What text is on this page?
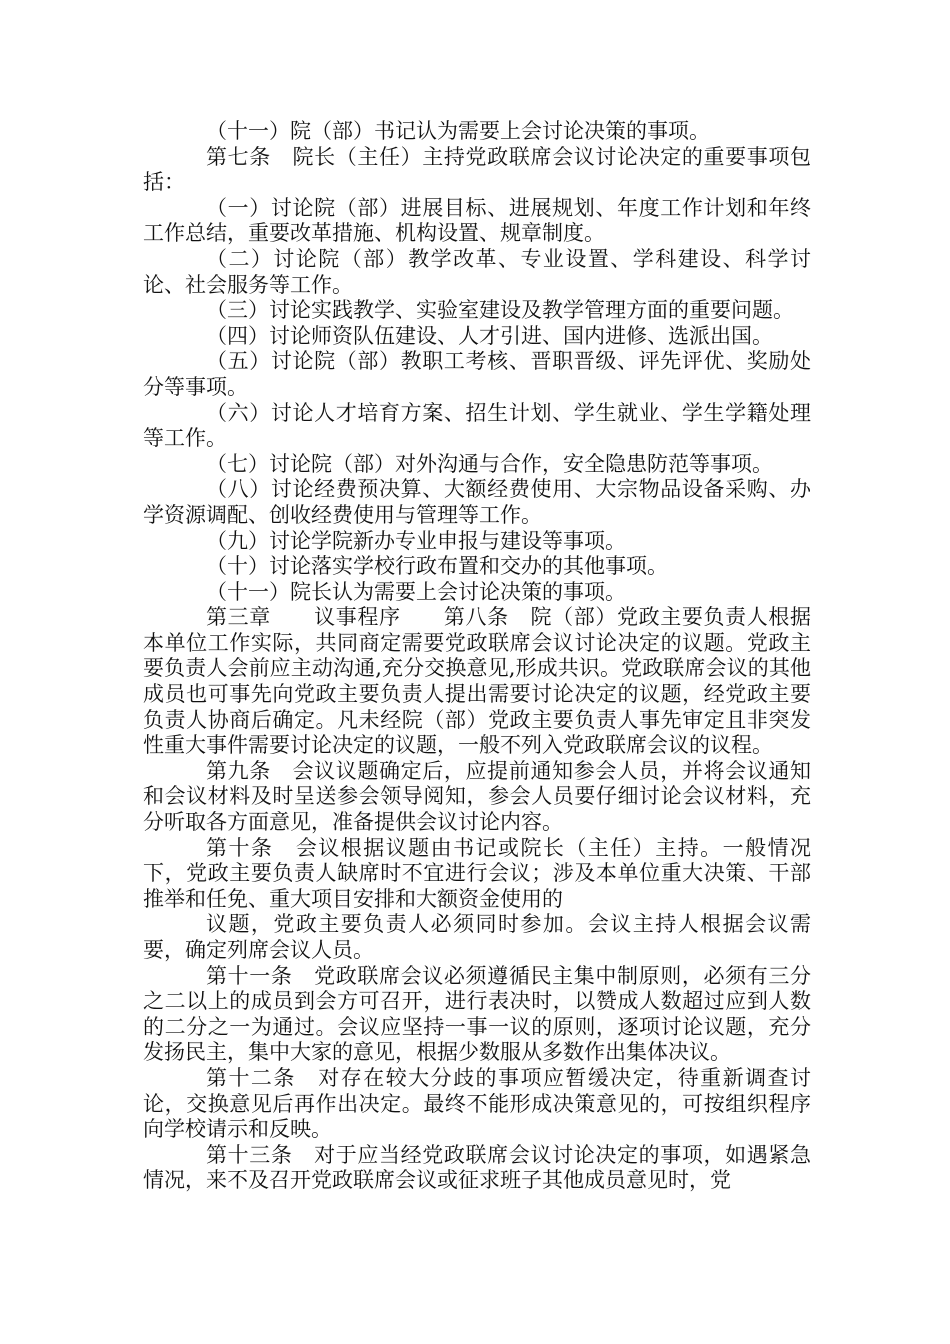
（十一）院（部）书记认为需要上会讨论决策的事项。

第七条　院长（主任）主持党政联席会议讨论决定的重要事项包括：

（一）讨论院（部）进展目标、进展规划、年度工作计划和年终工作总结，重要改革措施、机构设置、规章制度。

（二）讨论院（部）教学改革、专业设置、学科建设、科学讨论、社会服务等工作。

（三）讨论实践教学、实验室建设及教学管理方面的重要问题。

（四）讨论师资队伍建设、人才引进、国内进修、选派出国。

（五）讨论院（部）教职工考核、晋职晋级、评先评优、奖励处分等事项。

（六）讨论人才培育方案、招生计划、学生就业、学生学籍处理等工作。

（七）讨论院（部）对外沟通与合作，安全隐患防范等事项。

（八）讨论经费预决算、大额经费使用、大宗物品设备采购、办学资源调配、创收经费使用与管理等工作。

（九）讨论学院新办专业申报与建设等事项。

（十）讨论落实学校行政布置和交办的其他事项。

（十一）院长认为需要上会讨论决策的事项。

第三章　　议事程序　　第八条　院（部）党政主要负责人根据本单位工作实际，共同商定需要党政联席会议讨论决定的议题。党政主要负责人会前应主动沟通,充分交换意见,形成共识。党政联席会议的其他成员也可事先向党政主要负责人提出需要讨论决定的议题，经党政主要负责人协商后确定。凡未经院（部）党政主要负责人事先审定且非突发性重大事件需要讨论决定的议题，一般不列入党政联席会议的议程。

第九条　会议议题确定后，应提前通知参会人员，并将会议通知和会议材料及时呈送参会领导阅知，参会人员要仔细讨论会议材料，充分听取各方面意见，准备提供会议讨论内容。

第十条　会议根据议题由书记或院长（主任）主持。一般情况下，党政主要负责人缺席时不宜进行会议；涉及本单位重大决策、干部推举和任免、重大项目安排和大额资金使用的

议题，党政主要负责人必须同时参加。会议主持人根据会议需要，确定列席会议人员。

第十一条　党政联席会议必须遵循民主集中制原则，必须有三分之二以上的成员到会方可召开，进行表决时，以赞成人数超过应到人数的二分之一为通过。会议应坚持一事一议的原则，逐项讨论议题，充分发扬民主，集中大家的意见，根据少数服从多数作出集体决议。

第十二条　对存在较大分歧的事项应暂缓决定，待重新调查讨论，交换意见后再作出决定。最终不能形成决策意见的，可按组织程序向学校请示和反映。

第十三条　对于应当经党政联席会议讨论决定的事项，如遇紧急情况，来不及召开党政联席会议或征求班子其他成员意见时，党
